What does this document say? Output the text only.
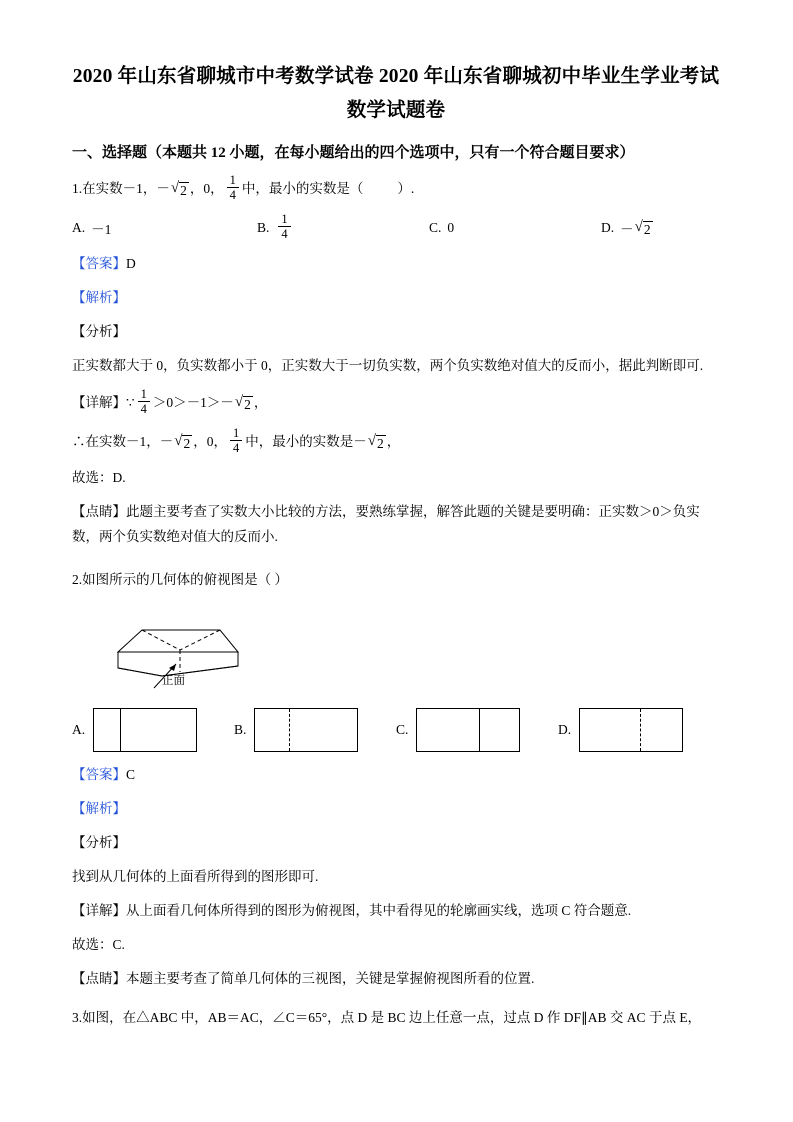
2020 年山东省聊城市中考数学试卷 2020 年山东省聊城初中毕业生学业考试数学试题卷
一、选择题（本题共 12 小题，在每小题给出的四个选项中，只有一个符合题目要求）
1. 在实数 －1， － √ 2 ，0， $\frac{1}{4}$ 中，最小的实数是（	）.
A. －1	B. $\frac{1}{4}$	C. 0	D. － √ 2
【答案】D
【解析】
【分析】
正实数都大于 0，负实数都小于 0，正实数大于一切负实数，两个负实数绝对值大的反而小，据此判断即可.
【详解】 ∵ $\frac{1}{4} >0>-1>$ － √ 2 ，
∴在实数 －1， － √ 2 ，0， $\frac{1}{4}$ 中，最小的实数是 － √ 2 ，
故选：D.
【点睛】此题主要考查了实数大小比较的方法，要熟练掌握，解答此题的关键是要明确：正实数＞0＞负实数，两个负实数绝对值大的反而小.
2.如图所示的几何体的俯视图是（ ）
正面
A.	B.	C.	D.
【答案】C
【解析】
【分析】
找到从几何体的上面看所得到的图形即可.
【详解】从上面看几何体所得到的图形为俯视图，其中看得见的轮廓画实线，选项 C 符合题意.
故选：C.
【点睛】本题主要考查了简单几何体的三视图，关键是掌握俯视图所看的位置.
3.如图，在△ABC 中，AB＝AC，∠C＝65°，点 D 是 BC 边上任意一点，过点 D 作 DF∥AB 交 AC 于点 E，
